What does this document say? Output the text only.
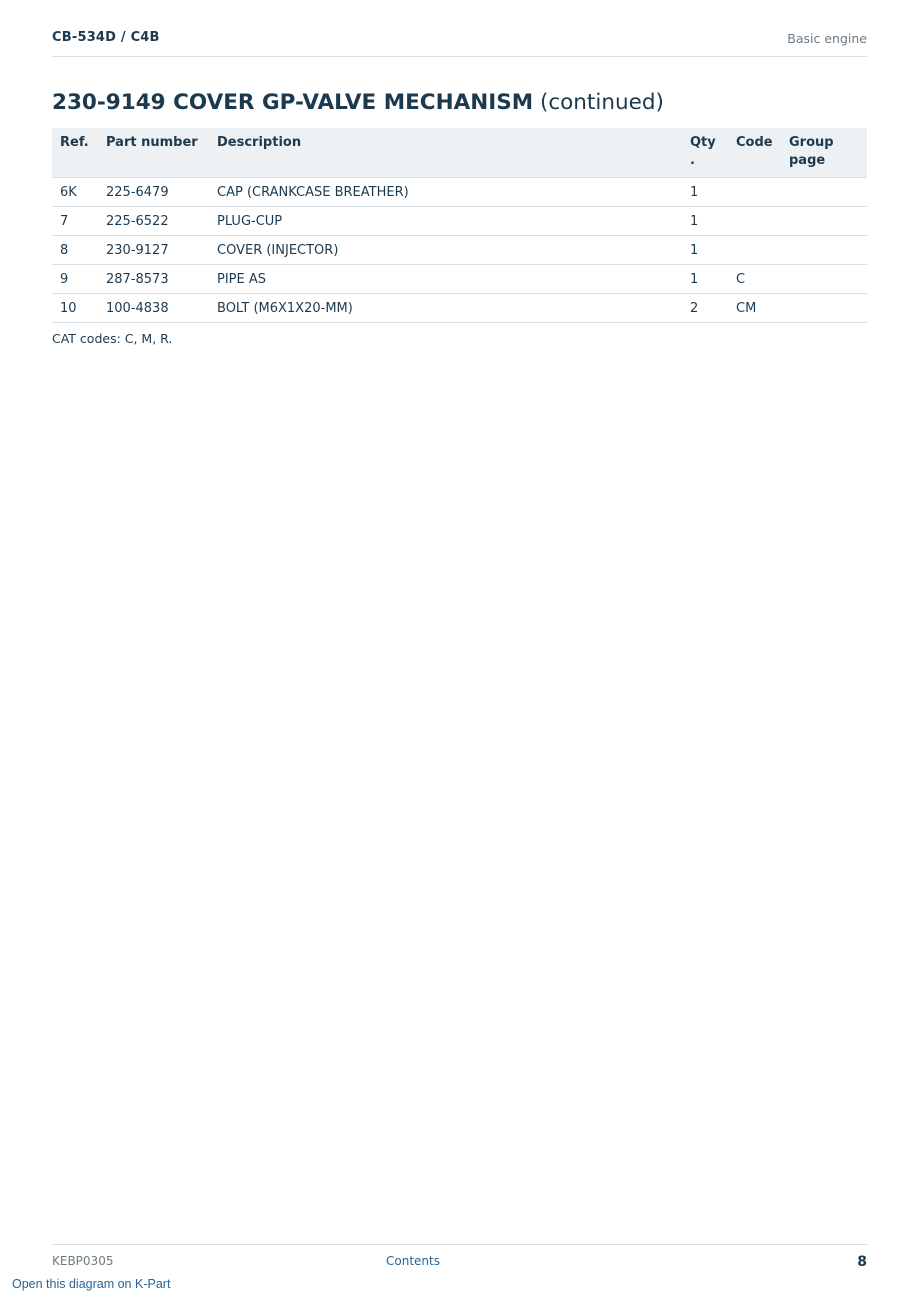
CB-534D / C4B	Basic engine
230-9149 COVER GP-VALVE MECHANISM (continued)
Ref.	Part number	Description	Qty .	Code	Group page
6K	225-6479	CAP (CRANKCASE BREATHER)	1		
7	225-6522	PLUG-CUP	1		
8	230-9127	COVER (INJECTOR)	1		
9	287-8573	PIPE AS	1	C	
10	100-4838	BOLT (M6X1X20-MM)	2	CM	
CAT codes: C, M, R.
KEBP0305	Contents	8
Open this diagram on K-Part
